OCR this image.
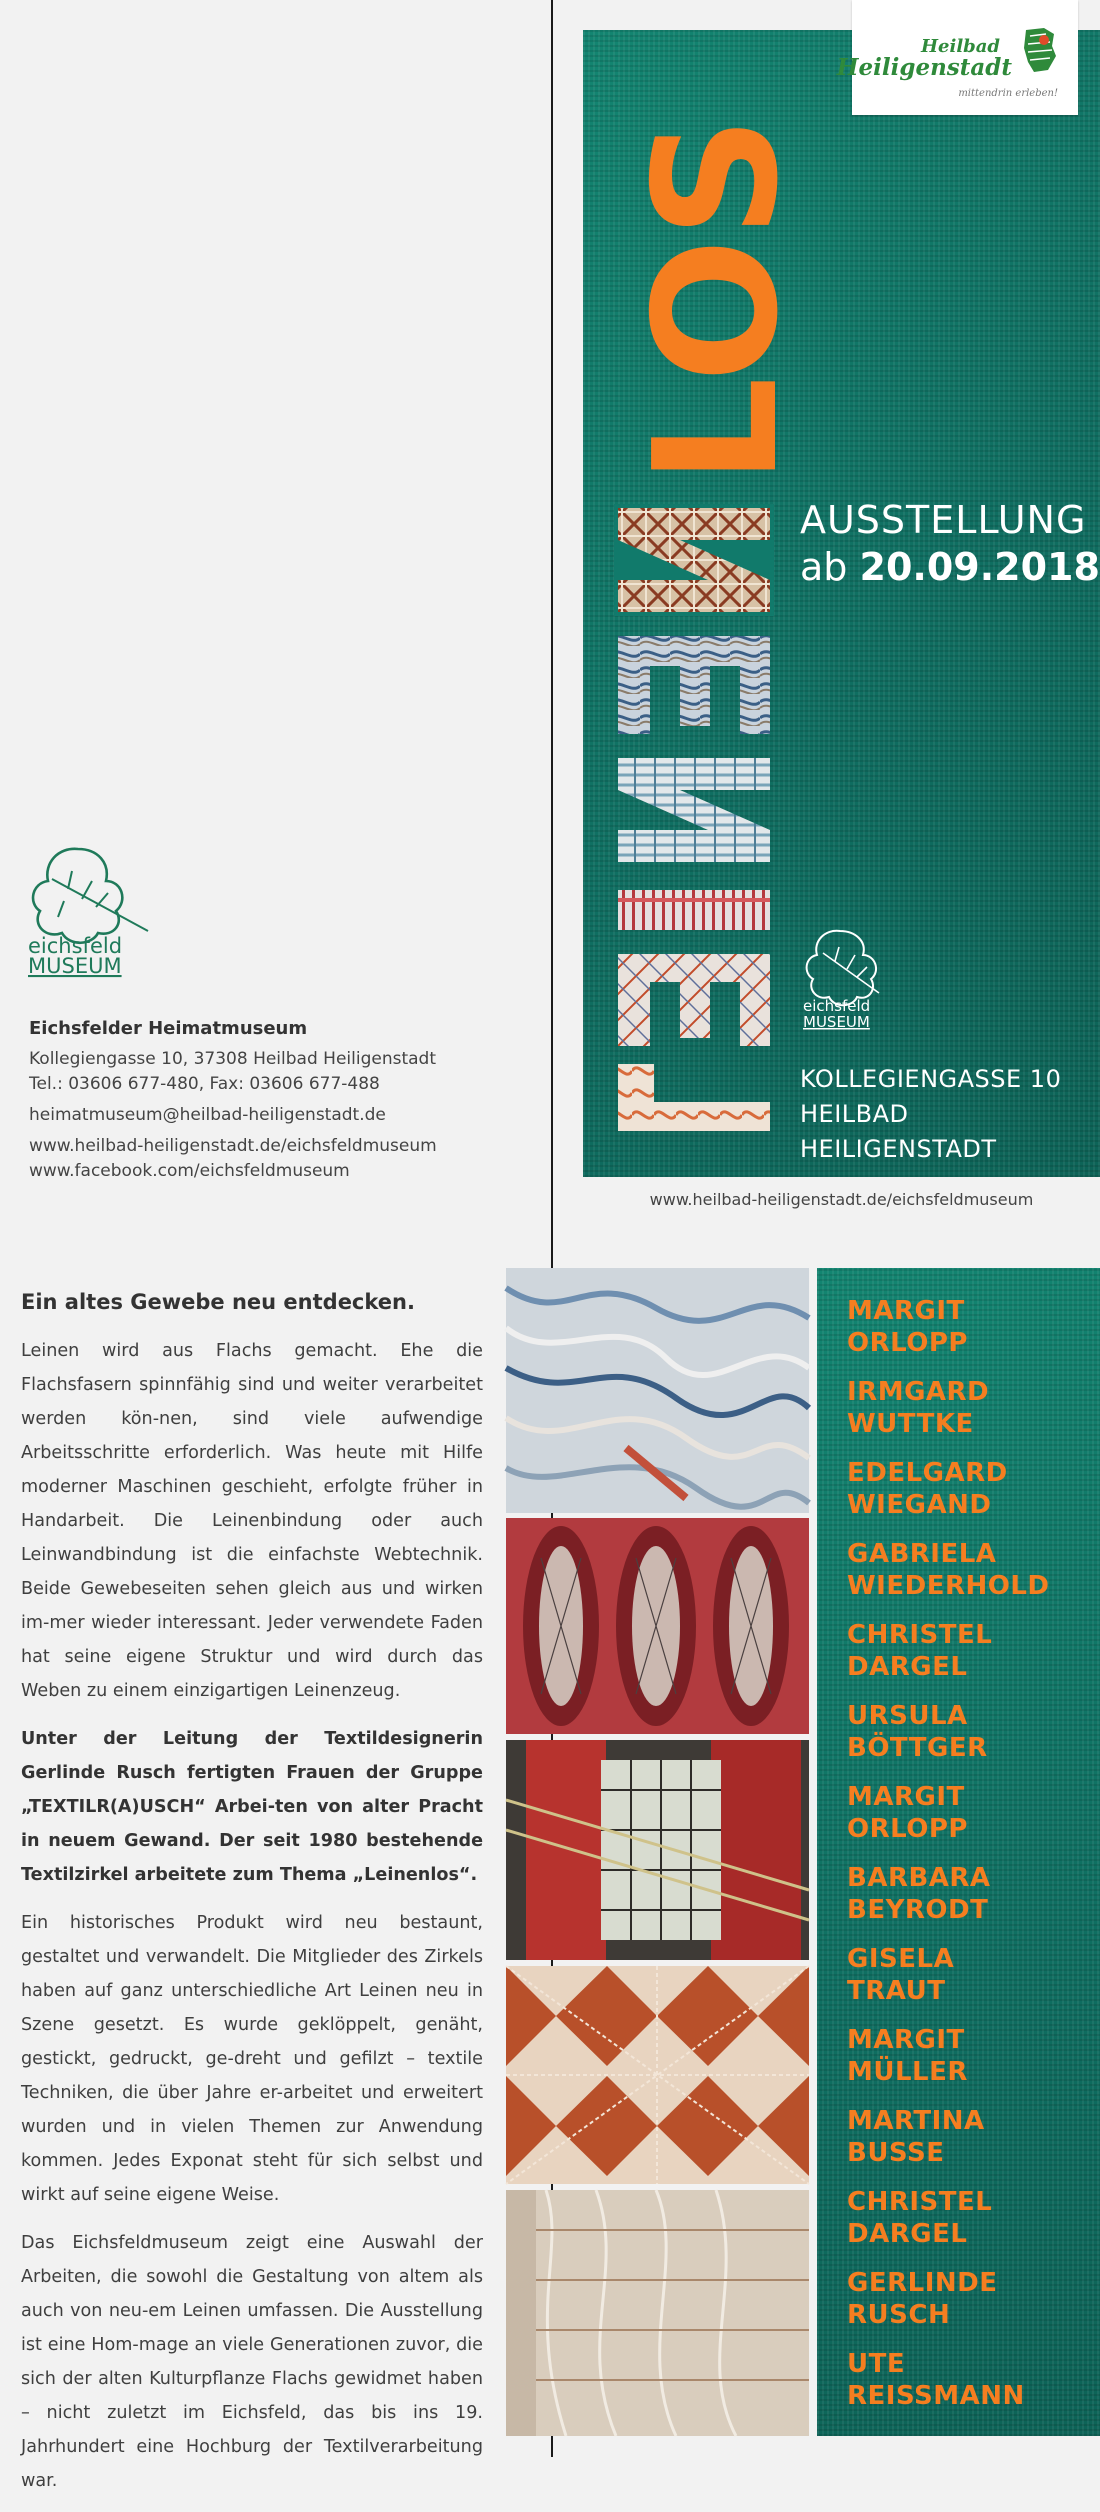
Heilbad
Heiligenstadt
mittendrin erleben!
LOS
AUSSTELLUNG
ab 20.09.2018
eichsfeld
MUSEUM
KOLLEGIENGASSE 10
HEILBAD HEILIGENSTADT
www.heilbad-heiligenstadt.de/eichsfeldmuseum
eichsfeld
MUSEUM
Eichsfelder Heimatmuseum
Kollegiengasse 10, 37308 Heilbad Heiligenstadt
Tel.: 03606 677-480, Fax: 03606 677-488
heimatmuseum@heilbad-heiligenstadt.de
www.heilbad-heiligenstadt.de/eichsfeldmuseum
www.facebook.com/eichsfeldmuseum
Ein altes Gewebe neu entdecken.

Leinen wird aus Flachs gemacht. Ehe die Flachsfasern spinnfähig sind und weiter verarbeitet werden kön-nen, sind viele aufwendige Arbeitsschritte erforderlich. Was heute mit Hilfe moderner Maschinen geschieht, erfolgte früher in Handarbeit. Die Leinenbindung oder auch Leinwandbindung ist die einfachste Webtechnik. Beide Gewebeseiten sehen gleich aus und wirken im-mer wieder interessant. Jeder verwendete Faden hat seine eigene Struktur und wird durch das Weben zu einem einzigartigen Leinenzeug.

Unter der Leitung der Textildesignerin Gerlinde Rusch fertigten Frauen der Gruppe „TEXTILR(A)USCH“ Arbei-ten von alter Pracht in neuem Gewand. Der seit 1980 bestehende Textilzirkel arbeitete zum Thema „Leinenlos“.

Ein historisches Produkt wird neu bestaunt, gestaltet und verwandelt. Die Mitglieder des Zirkels haben auf ganz unterschiedliche Art Leinen neu in Szene gesetzt. Es wurde geklöppelt, genäht, gestickt, gedruckt, ge-dreht und gefilzt – textile Techniken, die über Jahre er-arbeitet und erweitert wurden und in vielen Themen zur Anwendung kommen. Jedes Exponat steht für sich selbst und wirkt auf seine eigene Weise.

Das Eichsfeldmuseum zeigt eine Auswahl der Arbeiten, die sowohl die Gestaltung von altem als auch von neu-em Leinen umfassen. Die Ausstellung ist eine Hom-mage an viele Generationen zuvor, die sich der alten Kulturpflanze Flachs gewidmet haben – nicht zuletzt im Eichsfeld, das bis ins 19. Jahrhundert eine Hochburg der Textilverarbeitung war.

MARGIT
ORLOPP
IRMGARD
WUTTKE
EDELGARD
WIEGAND
GABRIELA
WIEDERHOLD
CHRISTEL
DARGEL
URSULA
BÖTTGER
MARGIT
ORLOPP
BARBARA
BEYRODT
GISELA
TRAUT
MARGIT
MÜLLER
MARTINA
BUSSE
CHRISTEL
DARGEL
GERLINDE
RUSCH
UTE
REISSMANN
